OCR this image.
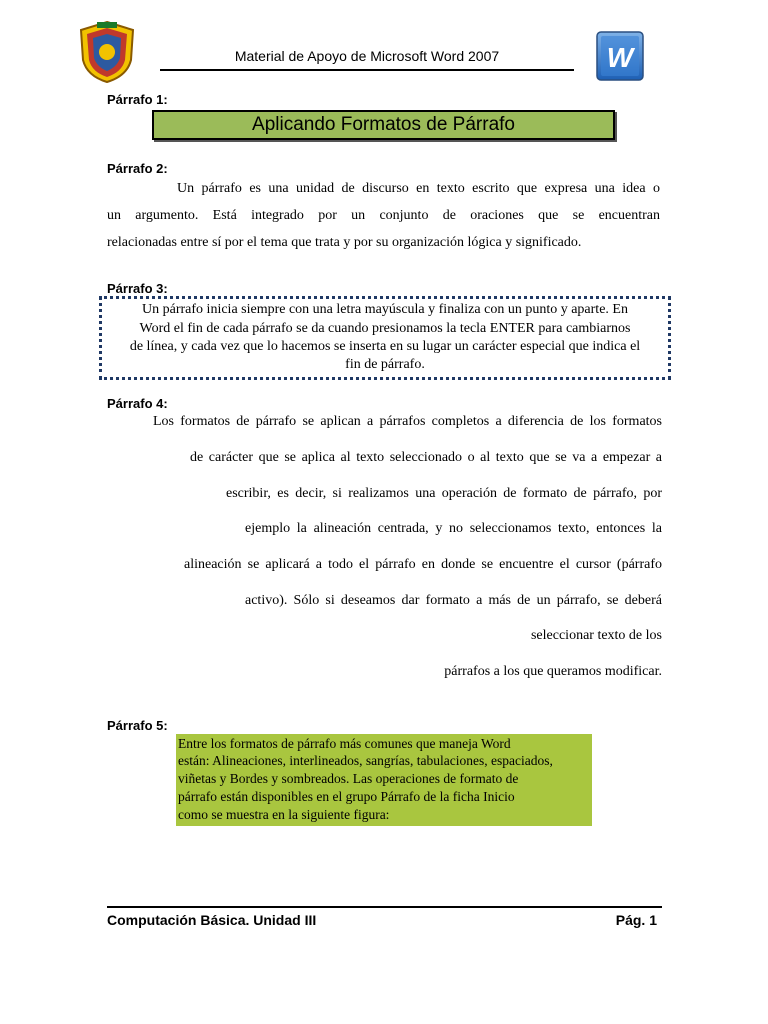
Material de Apoyo de Microsoft Word 2007	W
Párrafo 1:
Aplicando Formatos de Párrafo
Párrafo 2:
Un párrafo es una unidad de discurso en texto escrito que expresa una idea o
un argumento. Está integrado por un conjunto de oraciones que se encuentran
relacionadas entre sí por el tema que trata y por su organización lógica y significado.
Párrafo 3:
Un párrafo inicia siempre con una letra mayúscula y finaliza con un punto y aparte. En
Word el fin de cada párrafo se da cuando presionamos la tecla ENTER para cambiarnos
de línea, y cada vez que lo hacemos se inserta en su lugar un carácter especial que indica el
fin de párrafo.
Párrafo 4:
Los formatos de párrafo se aplican a párrafos completos a diferencia de los formatos
de carácter que se aplica al texto seleccionado o al texto que se va a empezar a
escribir, es decir, si realizamos una operación de formato de párrafo, por
ejemplo la alineación centrada, y no seleccionamos texto, entonces la
alineación se aplicará a todo el párrafo en donde se encuentre el cursor (párrafo
activo). Sólo si deseamos dar formato a más de un párrafo, se deberá
seleccionar texto de los
párrafos a los que queramos modificar.
Párrafo 5:
Entre los formatos de párrafo más comunes que maneja Word
están: Alineaciones, interlineados, sangrías, tabulaciones, espaciados,
viñetas y Bordes y sombreados. Las operaciones de formato de
párrafo están disponibles en el grupo Párrafo de la ficha Inicio
como se muestra en la siguiente figura:
Computación Básica. Unidad III	Pág. 1
